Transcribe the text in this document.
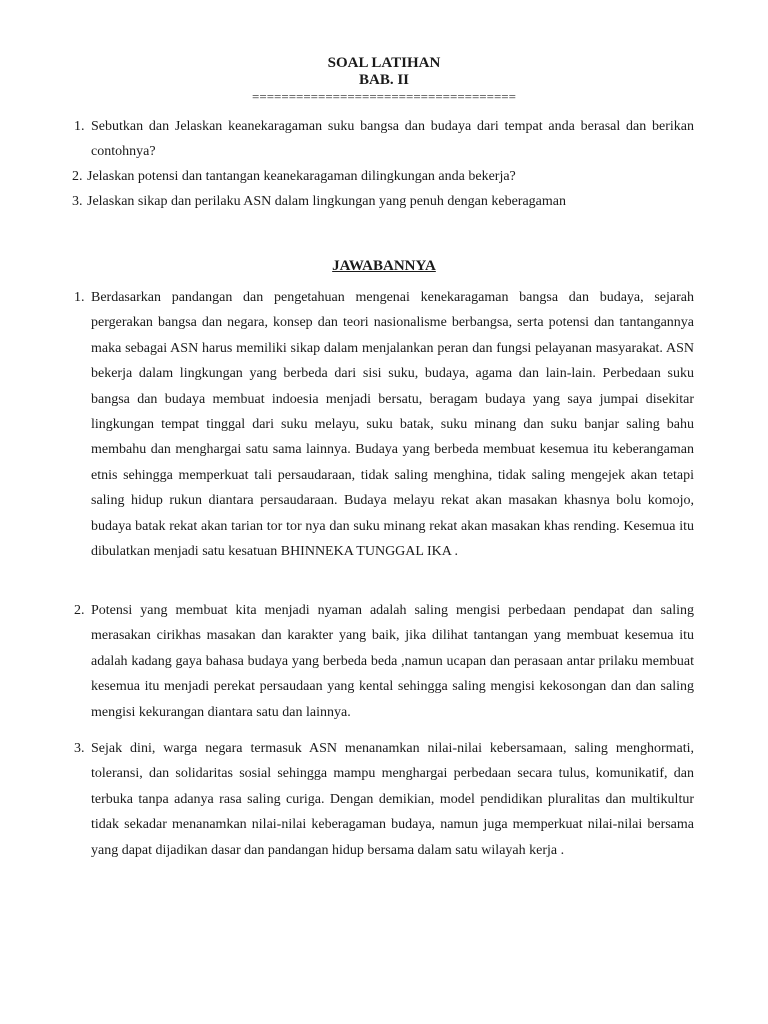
SOAL LATIHAN
BAB. II
====================================
1. Sebutkan dan Jelaskan keanekaragaman suku bangsa dan budaya dari tempat anda berasal dan berikan contohnya?
2. Jelaskan potensi dan tantangan keanekaragaman dilingkungan anda bekerja?
3. Jelaskan sikap dan perilaku ASN dalam lingkungan yang penuh dengan keberagaman
JAWABANNYA
1. Berdasarkan pandangan dan pengetahuan mengenai kenekaragaman bangsa dan budaya, sejarah pergerakan bangsa dan negara, konsep dan teori nasionalisme berbangsa, serta potensi dan tantangannya maka sebagai ASN harus memiliki sikap dalam menjalankan peran dan fungsi pelayanan masyarakat. ASN bekerja dalam lingkungan yang berbeda dari sisi suku, budaya, agama dan lain-lain. Perbedaan suku bangsa dan budaya membuat indoesia menjadi bersatu, beragam budaya yang saya jumpai disekitar lingkungan tempat tinggal dari suku melayu, suku batak, suku minang dan suku banjar saling bahu membahu dan menghargai satu sama lainnya. Budaya yang berbeda membuat kesemua itu keberangaman etnis sehingga memperkuat tali persaudaraan, tidak saling menghina, tidak saling mengejek akan tetapi saling hidup rukun diantara persaudaraan. Budaya melayu rekat akan masakan khasnya bolu komojo, budaya batak rekat akan tarian tor tor nya dan suku minang rekat akan masakan khas rending. Kesemua itu dibulatkan menjadi satu kesatuan BHINNEKA TUNGGAL IKA .
2. Potensi yang membuat kita menjadi nyaman adalah saling mengisi perbedaan pendapat dan saling merasakan cirikhas masakan dan karakter yang baik, jika dilihat tantangan yang membuat kesemua itu adalah kadang gaya bahasa budaya yang berbeda beda ,namun ucapan dan perasaan antar prilaku membuat kesemua itu menjadi perekat persaudaan yang kental sehingga saling mengisi kekosongan dan dan saling mengisi kekurangan diantara satu dan lainnya.
3. Sejak dini, warga negara termasuk ASN menanamkan nilai-nilai kebersamaan, saling menghormati, toleransi, dan solidaritas sosial sehingga mampu menghargai perbedaan secara tulus, komunikatif, dan terbuka tanpa adanya rasa saling curiga. Dengan demikian, model pendidikan pluralitas dan multikultur tidak sekadar menanamkan nilai-nilai keberagaman budaya, namun juga memperkuat nilai-nilai bersama yang dapat dijadikan dasar dan pandangan hidup bersama dalam satu wilayah kerja .
